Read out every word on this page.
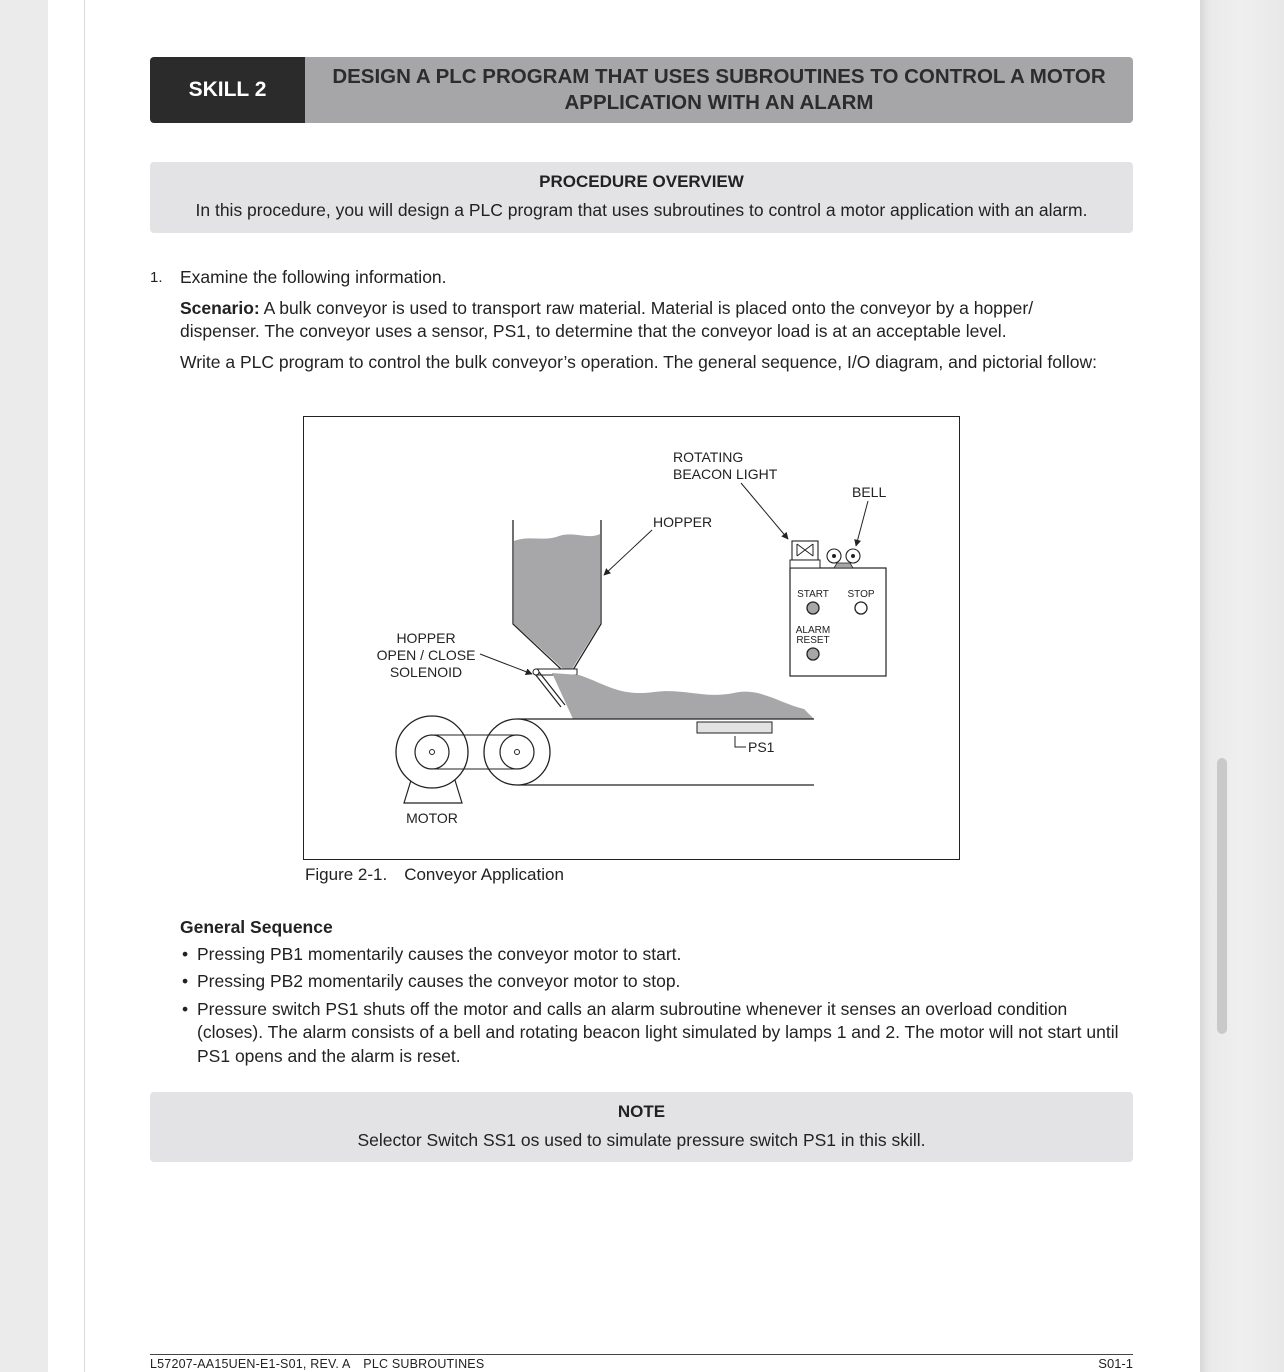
SKILL 2
DESIGN A PLC PROGRAM THAT USES SUBROUTINES TO CONTROL A MOTOR APPLICATION WITH AN ALARM
PROCEDURE OVERVIEW
In this procedure, you will design a PLC program that uses subroutines to control a motor application with an alarm.
1. Examine the following information.

Scenario: A bulk conveyor is used to transport raw material. Material is placed onto the conveyor by a hopper/ dispenser. The conveyor uses a sensor, PS1, to determine that the conveyor load is at an acceptable level.

Write a PLC program to control the bulk conveyor’s operation. The general sequence, I/O diagram, and pictorial follow:

PS1
MOTOR
START STOP
ALARM
RESET
ROTATING
BEACON LIGHT
BELL
HOPPER
HOPPER
OPEN / CLOSE
SOLENOID
Figure 2-1. Conveyor Application
General Sequence
• Pressing PB1 momentarily causes the conveyor motor to start.
• Pressing PB2 momentarily causes the conveyor motor to stop.
• Pressure switch PS1 shuts off the motor and calls an alarm subroutine whenever it senses an overload condition (closes). The alarm consists of a bell and rotating beacon light simulated by lamps 1 and 2. The motor will not start until PS1 opens and the alarm is reset.
NOTE
Selector Switch SS1 os used to simulate pressure switch PS1 in this skill.
L57207-AA15UEN-E1-S01, REV. A PLC SUBROUTINES	S01-1
